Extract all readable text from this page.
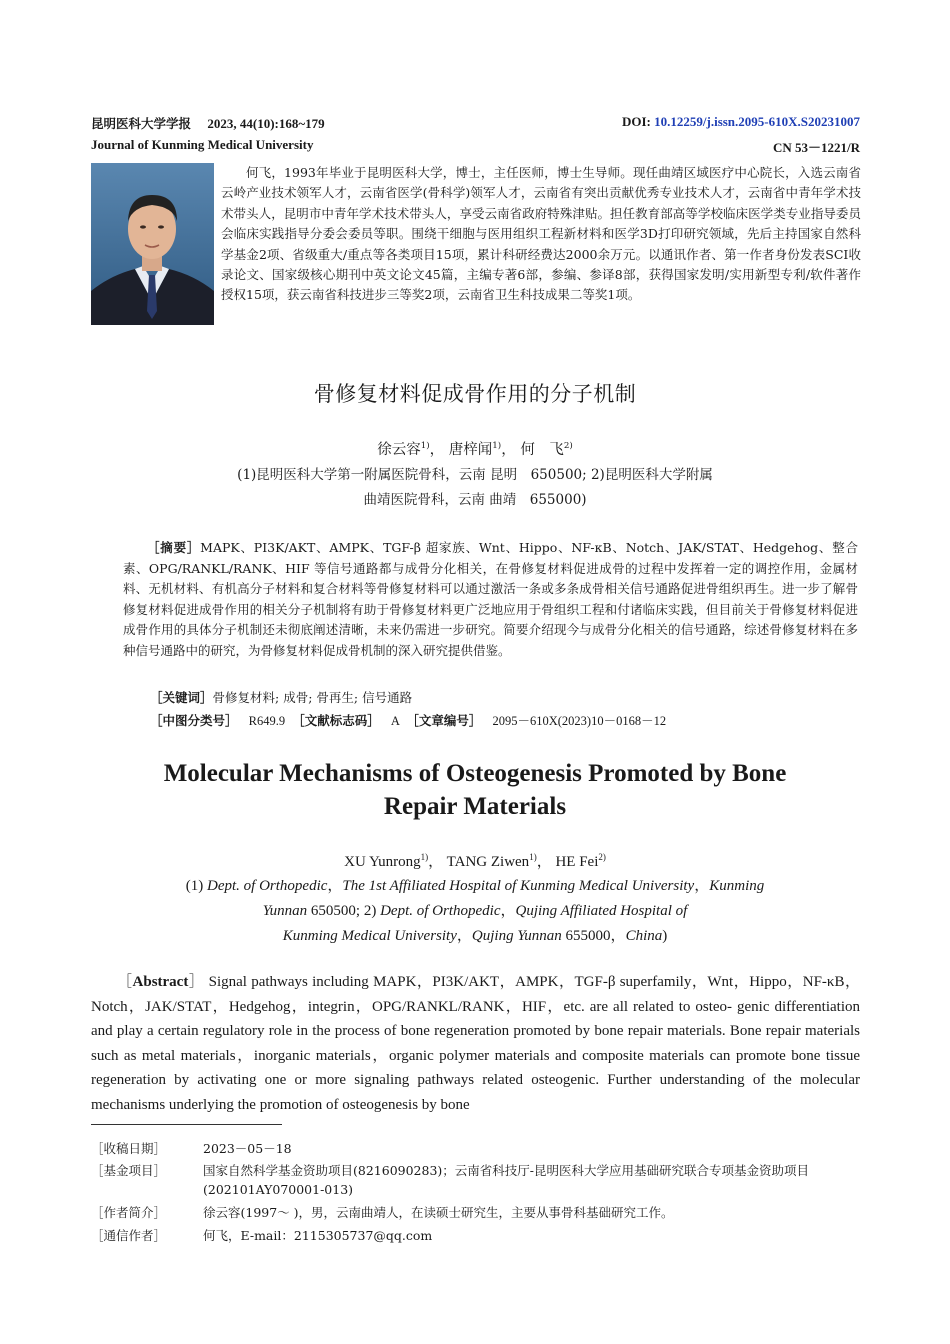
昆明医科大学学报 2023, 44(10):168~179	DOI: 10.12259/j.issn.2095-610X.S20231007
Journal of Kunming Medical University	CN 53－1221/R
何飞，1993年毕业于昆明医科大学，博士，主任医师，博士生导师。现任曲靖区域医疗中心院长，入选云南省云岭产业技术领军人才，云南省医学(骨科学)领军人才，云南省有突出贡献优秀专业技术人才，云南省中青年学术技术带头人，昆明市中青年学术技术带头人，享受云南省政府特殊津贴。担任教育部高等学校临床医学类专业指导委员会临床实践指导分委会委员等职。围绕干细胞与医用组织工程新材料和医学3D打印研究领域，先后主持国家自然科学基金2项、省级重大/重点等各类项目15项，累计科研经费达2000余万元。以通讯作者、第一作者身份发表SCI收录论文、国家级核心期刊中英文论文45篇，主编专著6部，参编、参译8部，获得国家发明/实用新型专利/软件著作授权15项，获云南省科技进步三等奖2项，云南省卫生科技成果二等奖1项。
骨修复材料促成骨作用的分子机制
徐云容$^{1)}$， 唐梓闻$^{1)}$， 何　飞$^{2)}$
(1)昆明医科大学第一附属医院骨科，云南 昆明　650500; 2)昆明医科大学附属
曲靖医院骨科，云南 曲靖　655000)
［摘要］MAPK、PI3K/AKT、AMPK、TGF-β 超家族、Wnt、Hippo、NF-κB、Notch、JAK/STAT、Hedgehog、整合素、OPG/RANKL/RANK、HIF 等信号通路都与成骨分化相关，在骨修复材料促进成骨的过程中发挥着一定的调控作用，金属材料、无机材料、有机高分子材料和复合材料等骨修复材料可以通过激活一条或多条成骨相关信号通路促进骨组织再生。进一步了解骨修复材料促进成骨作用的相关分子机制将有助于骨修复材料更广泛地应用于骨组织工程和付诸临床实践，但目前关于骨修复材料促进成骨作用的具体分子机制还未彻底阐述清晰，未来仍需进一步研究。简要介绍现今与成骨分化相关的信号通路，综述骨修复材料在多种信号通路中的研究，为骨修复材料促成骨机制的深入研究提供借鉴。
［关键词］骨修复材料; 成骨; 骨再生; 信号通路
［中图分类号］ R649.9 ［文献标志码］ A ［文章编号］ 2095－610X(2023)10－0168－12
Molecular Mechanisms of Osteogenesis Promoted by Bone
Repair Materials
XU Yunrong$^{1)}$， TANG Ziwen$^{1)}$， HE Fei$^{2)}$
(1) Dept. of Orthopedic，The 1st Affiliated Hospital of Kunming Medical University，Kunming
Yunnan 650500; 2) Dept. of Orthopedic，Qujing Affiliated Hospital of
Kunming Medical University，Qujing Yunnan 655000，China)
［Abstract］ Signal pathways including MAPK，PI3K/AKT，AMPK，TGF-β superfamily，Wnt，Hippo，NF-κB，Notch，JAK/STAT，Hedgehog，integrin，OPG/RANKL/RANK，HIF，etc. are all related to osteo- genic differentiation and play a certain regulatory role in the process of bone regeneration promoted by bone repair materials. Bone repair materials such as metal materials，inorganic materials，organic polymer materials and composite materials can promote bone tissue regeneration by activating one or more signaling pathways related osteogenic. Further understanding of the molecular mechanisms underlying the promotion of osteogenesis by bone
［收稿日期］	2023－05－18
［基金项目］	国家自然科学基金资助项目(8216090283)；云南省科技厅-昆明医科大学应用基础研究联合专项基金资助项目(202101AY070001-013)
［作者简介］	徐云容(1997～ )，男，云南曲靖人，在读硕士研究生，主要从事骨科基础研究工作。
［通信作者］	何飞，E-mail：2115305737@qq.com
